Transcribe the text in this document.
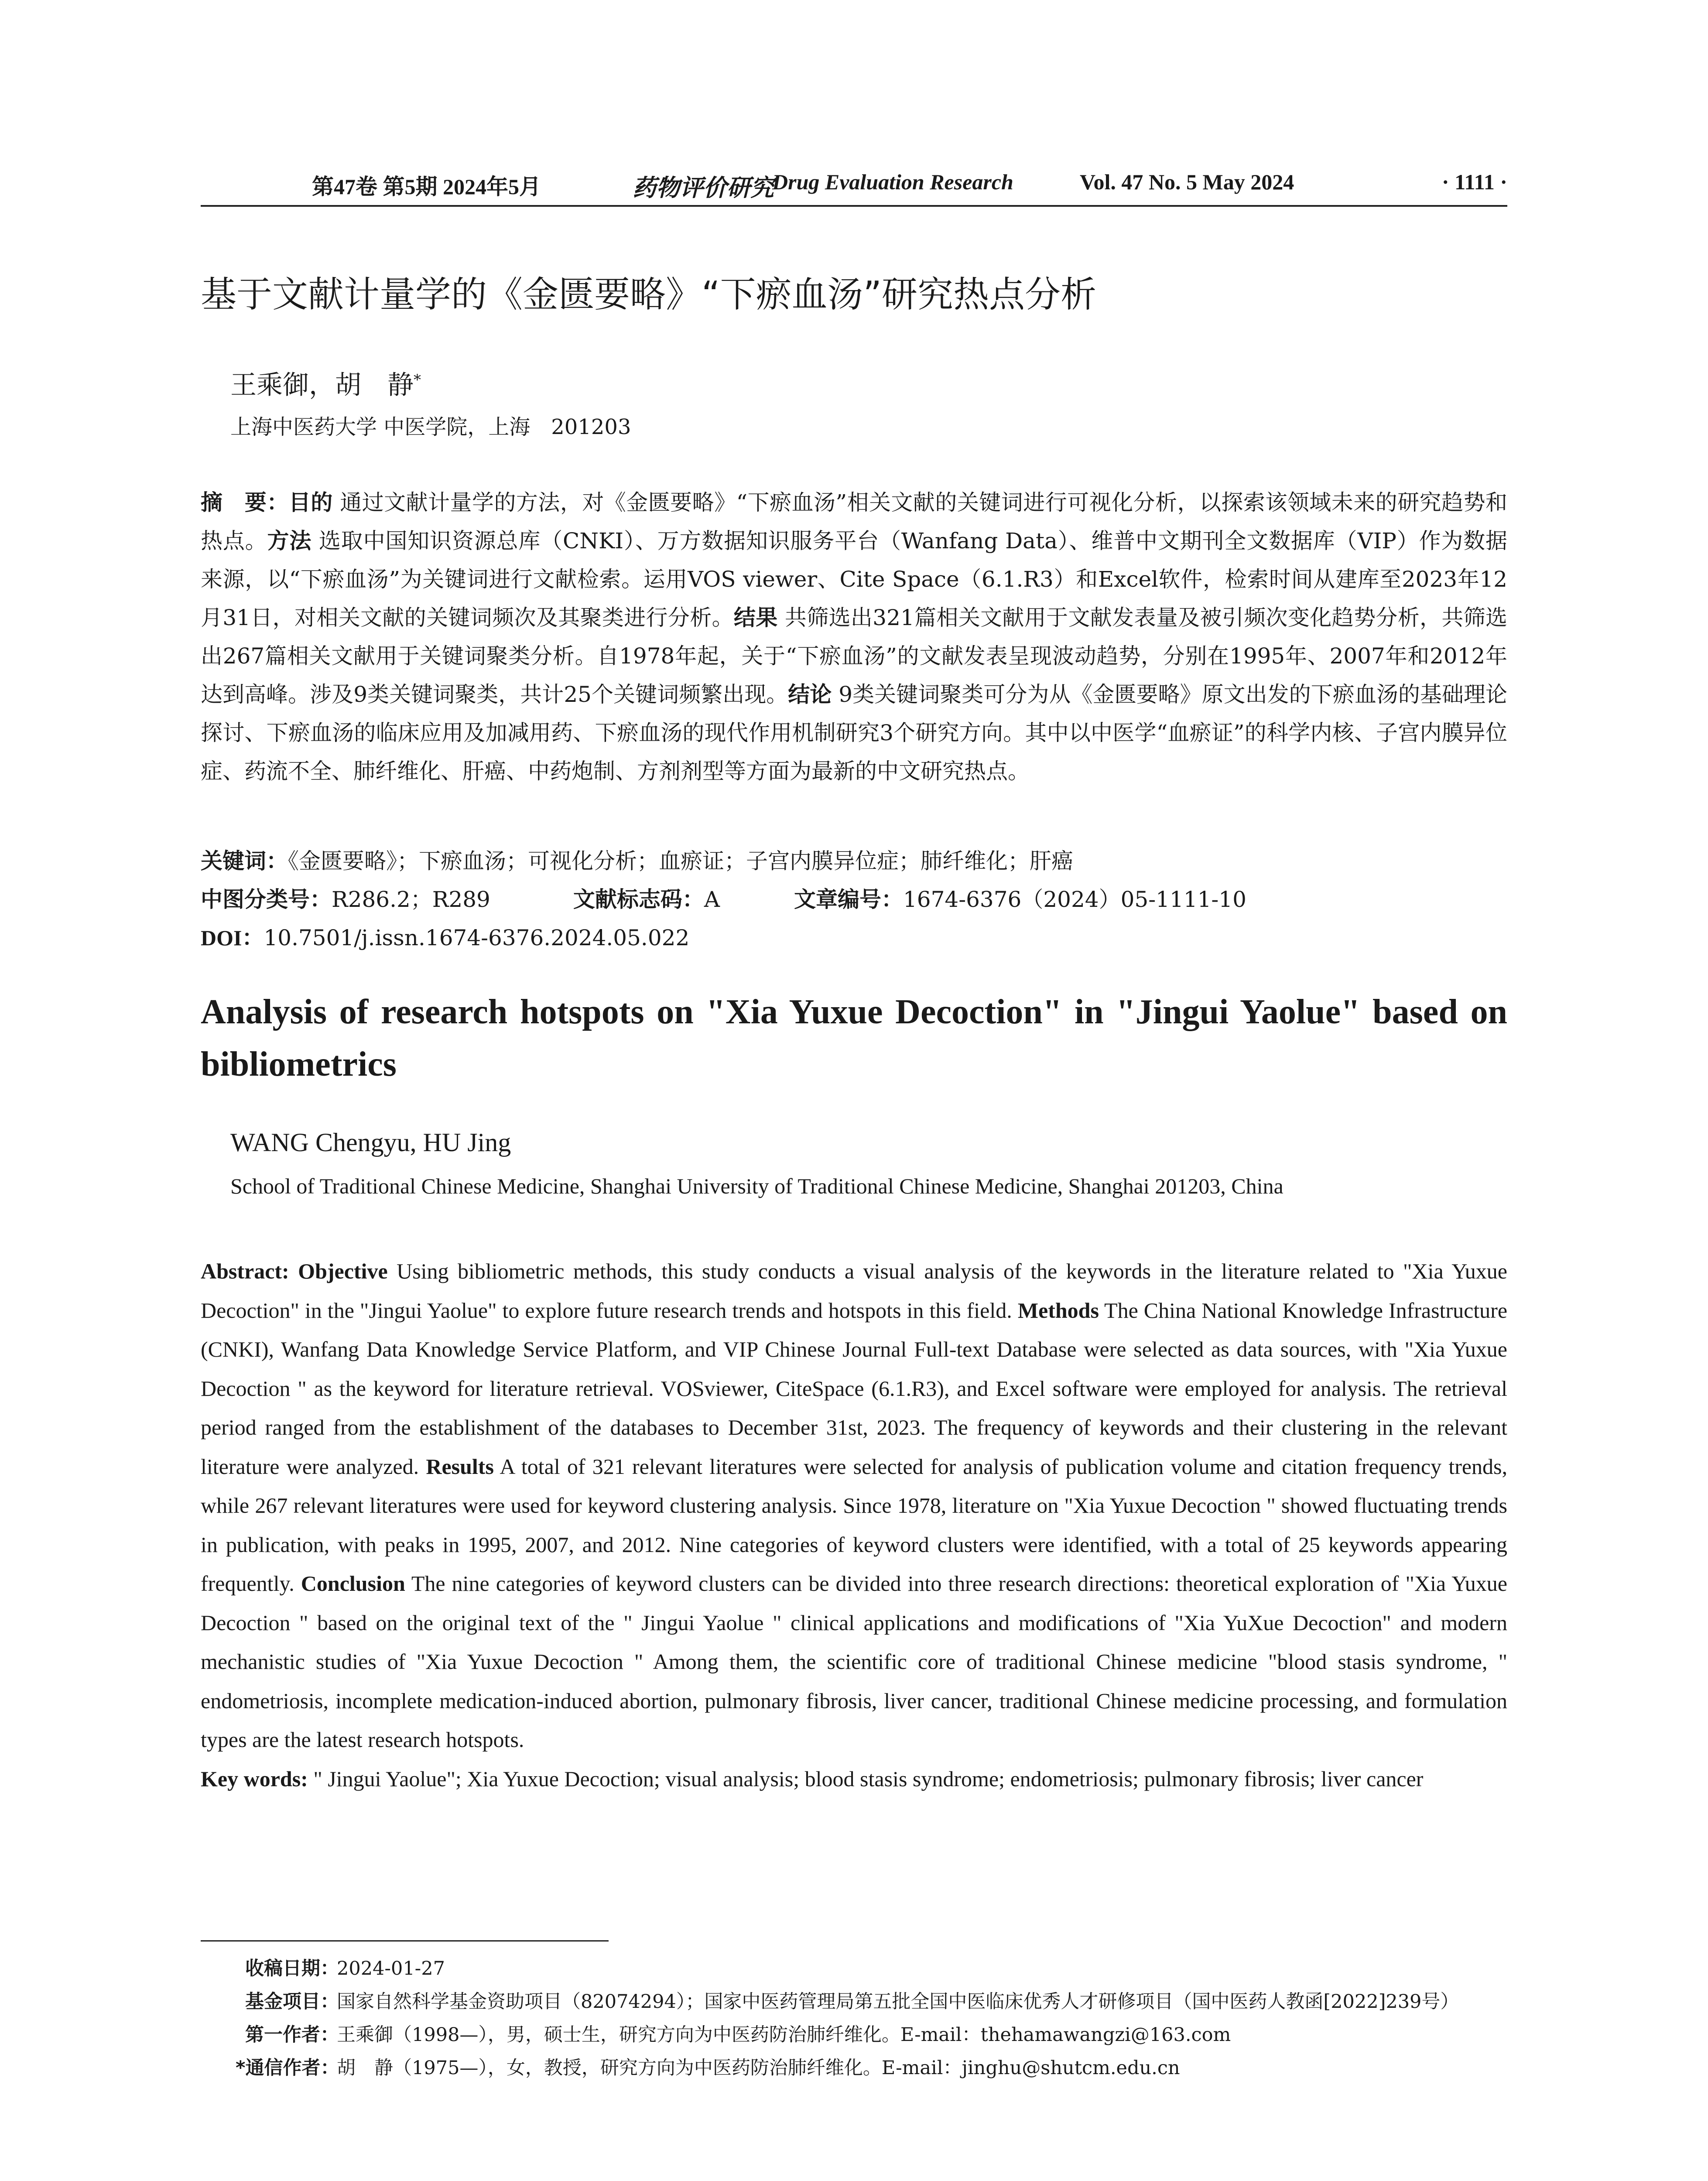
第47卷 第5期 2024年5月	药物评价研究
Drug Evaluation Research	Vol. 47 No. 5 May 2024	· 1111 ·
基于文献计量学的《金匮要略》“下瘀血汤”研究热点分析
王乘御，胡　静*
上海中医药大学 中医学院，上海　201203
摘　要：目的 通过文献计量学的方法，对《金匮要略》“下瘀血汤”相关文献的关键词进行可视化分析，以探索该领域未来的研究趋势和热点。方法 选取中国知识资源总库（CNKI）、万方数据知识服务平台（Wanfang Data）、维普中文期刊全文数据库（VIP）作为数据来源，以“下瘀血汤”为关键词进行文献检索。运用VOS viewer、Cite Space（6.1.R3）和Excel软件，检索时间从建库至2023年12月31日，对相关文献的关键词频次及其聚类进行分析。结果 共筛选出321篇相关文献用于文献发表量及被引频次变化趋势分析，共筛选出267篇相关文献用于关键词聚类分析。自1978年起，关于“下瘀血汤”的文献发表呈现波动趋势，分别在1995年、2007年和2012年达到高峰。涉及9类关键词聚类，共计25个关键词频繁出现。结论 9类关键词聚类可分为从《金匮要略》原文出发的下瘀血汤的基础理论探讨、下瘀血汤的临床应用及加减用药、下瘀血汤的现代作用机制研究3个研究方向。其中以中医学“血瘀证”的科学内核、子宫内膜异位症、药流不全、肺纤维化、肝癌、中药炮制、方剂剂型等方面为最新的中文研究热点。
关键词：《金匮要略》；下瘀血汤；可视化分析；血瘀证；子宫内膜异位症；肺纤维化；肝癌
中图分类号：R286.2；R289	文献标志码：A	文章编号：1674-6376（2024）05-1111-10
DOI：10.7501/j.issn.1674-6376.2024.05.022
Analysis of research hotspots on "Xia Yuxue Decoction" in "Jingui Yaolue" based on bibliometrics
WANG Chengyu, HU Jing
School of Traditional Chinese Medicine, Shanghai University of Traditional Chinese Medicine, Shanghai 201203, China
Abstract: Objective Using bibliometric methods, this study conducts a visual analysis of the keywords in the literature related to "Xia Yuxue Decoction" in the "Jingui Yaolue" to explore future research trends and hotspots in this field. Methods The China National Knowledge Infrastructure (CNKI), Wanfang Data Knowledge Service Platform, and VIP Chinese Journal Full-text Database were selected as data sources, with "Xia Yuxue Decoction " as the keyword for literature retrieval. VOSviewer, CiteSpace (6.1.R3), and Excel software were employed for analysis. The retrieval period ranged from the establishment of the databases to December 31st, 2023. The frequency of keywords and their clustering in the relevant literature were analyzed. Results A total of 321 relevant literatures were selected for analysis of publication volume and citation frequency trends, while 267 relevant literatures were used for keyword clustering analysis. Since 1978, literature on "Xia Yuxue Decoction " showed fluctuating trends in publication, with peaks in 1995, 2007, and 2012. Nine categories of keyword clusters were identified, with a total of 25 keywords appearing frequently. Conclusion The nine categories of keyword clusters can be divided into three research directions: theoretical exploration of "Xia Yuxue Decoction " based on the original text of the " Jingui Yaolue " clinical applications and modifications of "Xia YuXue Decoction" and modern mechanistic studies of "Xia Yuxue Decoction " Among them, the scientific core of traditional Chinese medicine "blood stasis syndrome, " endometriosis, incomplete medication-induced abortion, pulmonary fibrosis, liver cancer, traditional Chinese medicine processing, and formulation types are the latest research hotspots.
Key words: " Jingui Yaolue"; Xia Yuxue Decoction; visual analysis; blood stasis syndrome; endometriosis; pulmonary fibrosis; liver cancer
收稿日期：
2024-01-27
基金项目：
国家自然科学基金资助项目（82074294）；国家中医药管理局第五批全国中医临床优秀人才研修项目（国中医药人教函[2022]239号）
第一作者：
王乘御（1998—），男，硕士生，研究方向为中医药防治肺纤维化。E-mail：thehamawangzi@163.com
*通信作者：
胡　静（1975—），女，教授，研究方向为中医药防治肺纤维化。E-mail：jinghu@shutcm.edu.cn
